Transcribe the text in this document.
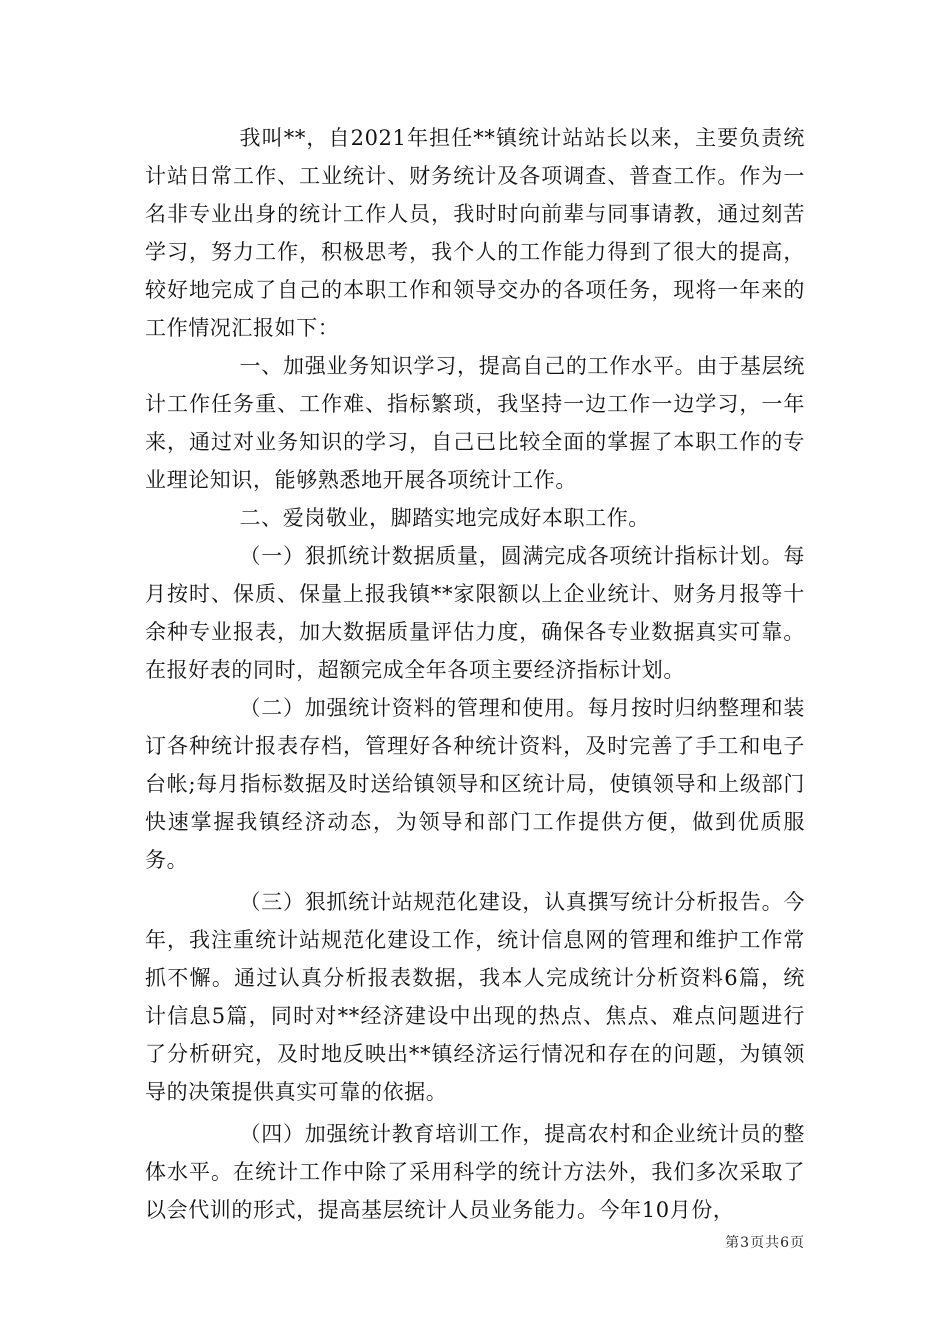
我叫**，自2021年担任**镇统计站站长以来，主要负责统计站日常工作、工业统计、财务统计及各项调查、普查工作。作为一名非专业出身的统计工作人员，我时时向前辈与同事请教，通过刻苦学习，努力工作，积极思考，我个人的工作能力得到了很大的提高，较好地完成了自己的本职工作和领导交办的各项任务，现将一年来的工作情况汇报如下：

一、加强业务知识学习，提高自己的工作水平。由于基层统计工作任务重、工作难、指标繁琐，我坚持一边工作一边学习，一年来，通过对业务知识的学习，自己已比较全面的掌握了本职工作的专业理论知识，能够熟悉地开展各项统计工作。

二、爱岗敬业，脚踏实地完成好本职工作。

（一）狠抓统计数据质量，圆满完成各项统计指标计划。每月按时、保质、保量上报我镇**家限额以上企业统计、财务月报等十余种专业报表，加大数据质量评估力度，确保各专业数据真实可靠。在报好表的同时，超额完成全年各项主要经济指标计划。

（二）加强统计资料的管理和使用。每月按时归纳整理和装订各种统计报表存档，管理好各种统计资料，及时完善了手工和电子台帐;每月指标数据及时送给镇领导和区统计局，使镇领导和上级部门快速掌握我镇经济动态，为领导和部门工作提供方便，做到优质服务。

（三）狠抓统计站规范化建设，认真撰写统计分析报告。今年，我注重统计站规范化建设工作，统计信息网的管理和维护工作常抓不懈。通过认真分析报表数据，我本人完成统计分析资料6篇，统计信息5篇，同时对**经济建设中出现的热点、焦点、难点问题进行了分析研究，及时地反映出**镇经济运行情况和存在的问题，为镇领导的决策提供真实可靠的依据。

（四）加强统计教育培训工作，提高农村和企业统计员的整体水平。在统计工作中除了采用科学的统计方法外，我们多次采取了以会代训的形式，提高基层统计人员业务能力。今年10月份，

第3页共6页
